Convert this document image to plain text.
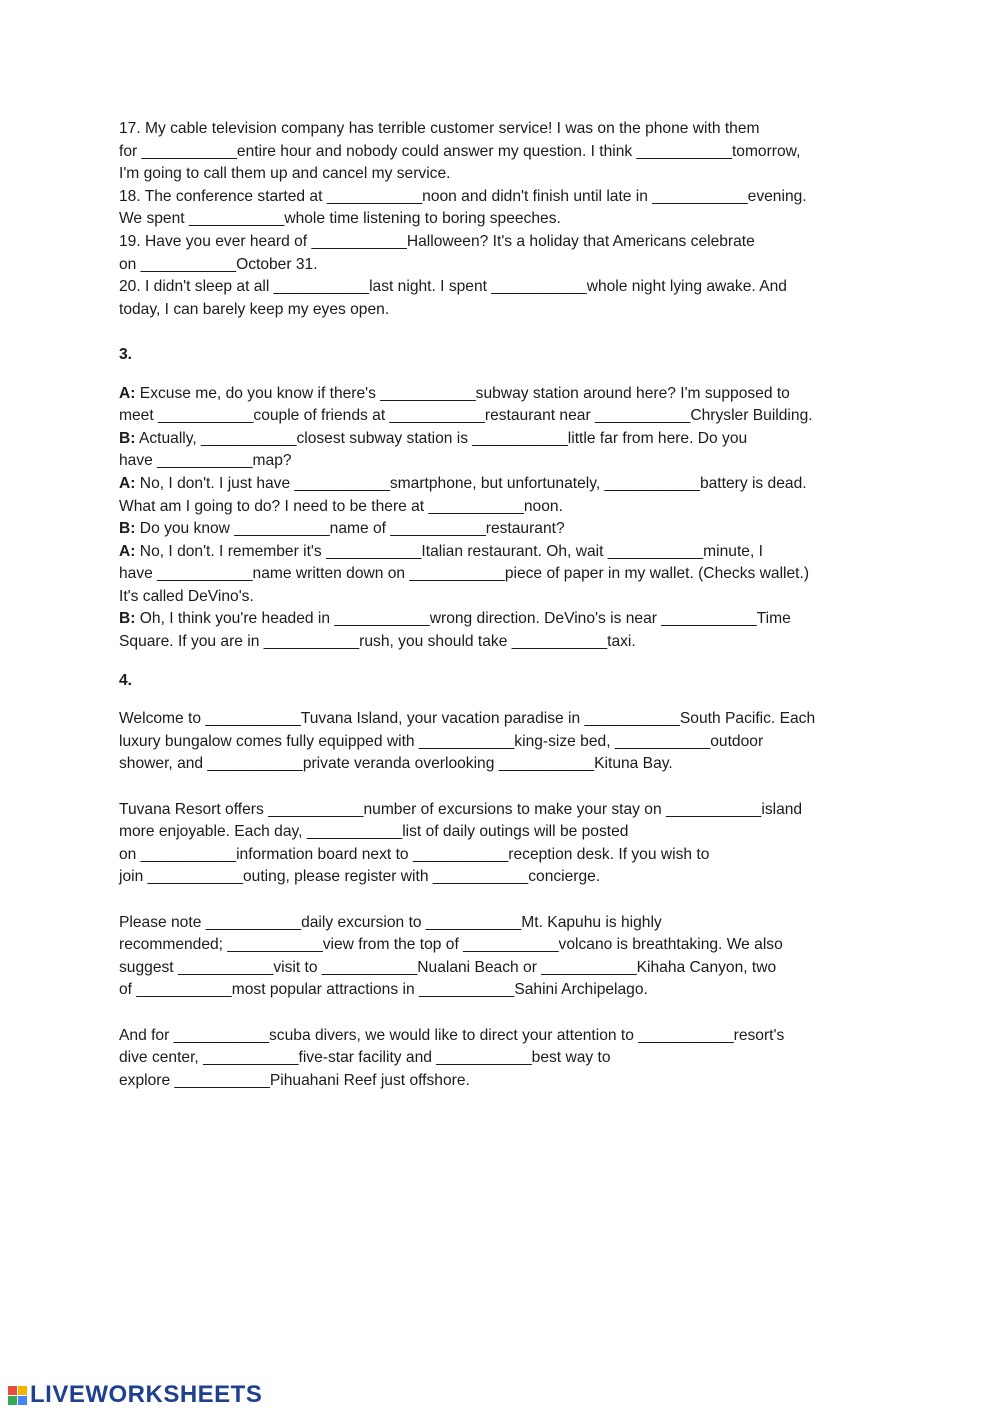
17. My cable television company has terrible customer service! I was on the phone with them
for ___________entire hour and nobody could answer my question. I think ___________tomorrow,
I'm going to call them up and cancel my service.
18. The conference started at ___________noon and didn't finish until late in ___________evening.
We spent ___________whole time listening to boring speeches.
19. Have you ever heard of ___________Halloween? It's a holiday that Americans celebrate
on ___________October 31.
20. I didn't sleep at all ___________last night. I spent ___________whole night lying awake. And
today, I can barely keep my eyes open.
3.
A: Excuse me, do you know if there's ___________subway station around here? I'm supposed to
meet ___________couple of friends at ___________restaurant near ___________Chrysler Building.
B: Actually, ___________closest subway station is ___________little far from here. Do you
have ___________map?
A: No, I don't. I just have ___________smartphone, but unfortunately, ___________battery is dead.
What am I going to do? I need to be there at ___________noon.
B: Do you know ___________name of ___________restaurant?
A: No, I don't. I remember it's ___________Italian restaurant. Oh, wait ___________minute, I
have ___________name written down on ___________piece of paper in my wallet. (Checks wallet.)
It's called DeVino's.
B: Oh, I think you're headed in ___________wrong direction. DeVino's is near ___________Time
Square. If you are in ___________rush, you should take ___________taxi.
4.
Welcome to ___________Tuvana Island, your vacation paradise in ___________South Pacific. Each
luxury bungalow comes fully equipped with ___________king-size bed, ___________outdoor
shower, and ___________private veranda overlooking ___________Kituna Bay.
Tuvana Resort offers ___________number of excursions to make your stay on ___________island
more enjoyable. Each day, ___________list of daily outings will be posted
on ___________information board next to ___________reception desk. If you wish to
join ___________outing, please register with ___________concierge.
Please note ___________daily excursion to ___________Mt. Kapuhu is highly
recommended; ___________view from the top of ___________volcano is breathtaking. We also
suggest ___________visit to ___________Nualani Beach or ___________Kihaha Canyon, two
of ___________most popular attractions in ___________Sahini Archipelago.
And for ___________scuba divers, we would like to direct your attention to ___________resort's
dive center, ___________five-star facility and ___________best way to
explore ___________Pihuahani Reef just offshore.
LIVEWORKSHEETS
